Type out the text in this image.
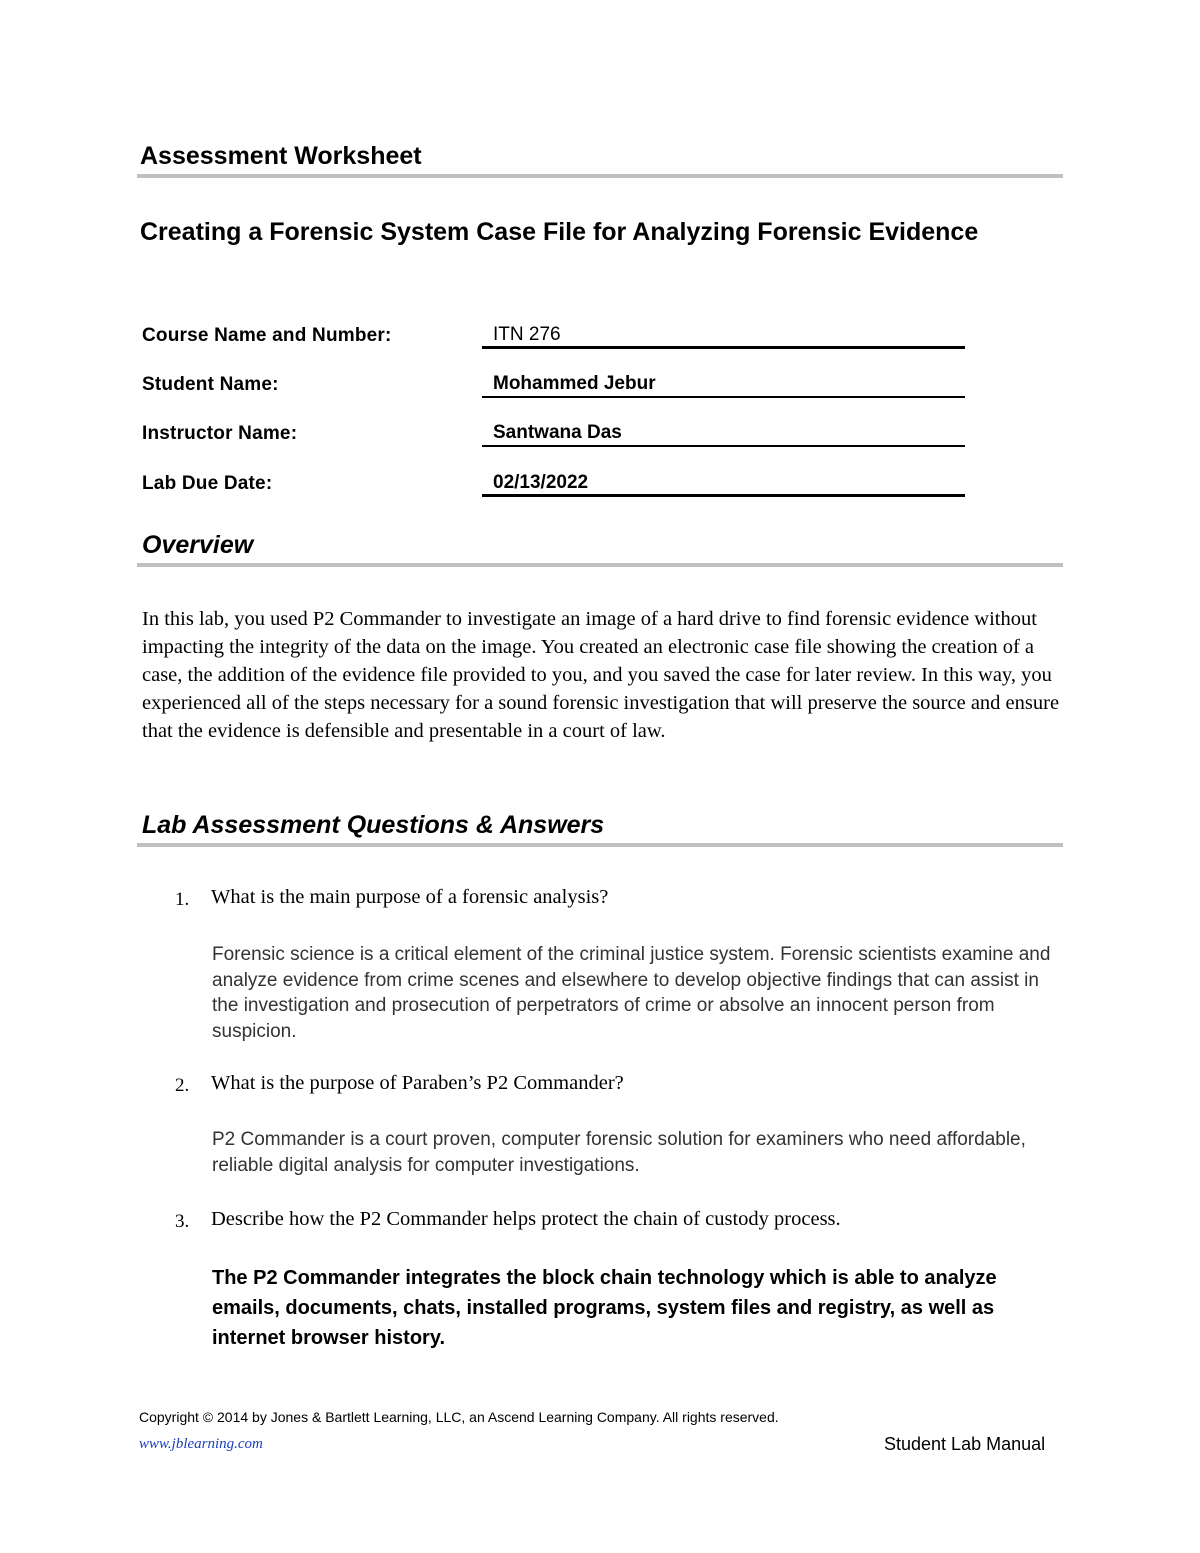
Assessment Worksheet
Creating a Forensic System Case File for Analyzing Forensic Evidence
Course Name and Number:	ITN 276
Student Name:	Mohammed Jebur
Instructor Name:	Santwana Das
Lab Due Date:	02/13/2022
Overview
In this lab, you used P2 Commander to investigate an image of a hard drive to find forensic evidence without impacting the integrity of the data on the image. You created an electronic case file showing the creation of a case, the addition of the evidence file provided to you, and you saved the case for later review. In this way, you experienced all of the steps necessary for a sound forensic investigation that will preserve the source and ensure that the evidence is defensible and presentable in a court of law.
Lab Assessment Questions & Answers
1. What is the main purpose of a forensic analysis?
Forensic science is a critical element of the criminal justice system. Forensic scientists examine and analyze evidence from crime scenes and elsewhere to develop objective findings that can assist in the investigation and prosecution of perpetrators of crime or absolve an innocent person from suspicion.
2. What is the purpose of Paraben’s P2 Commander?
P2 Commander is a court proven, computer forensic solution for examiners who need affordable, reliable digital analysis for computer investigations.
3. Describe how the P2 Commander helps protect the chain of custody process.
The P2 Commander integrates the block chain technology which is able to analyze emails, documents, chats, installed programs, system files and registry, as well as internet browser history.
Copyright © 2014 by Jones & Bartlett Learning, LLC, an Ascend Learning Company. All rights reserved.
www.jblearning.com	Student Lab Manual
